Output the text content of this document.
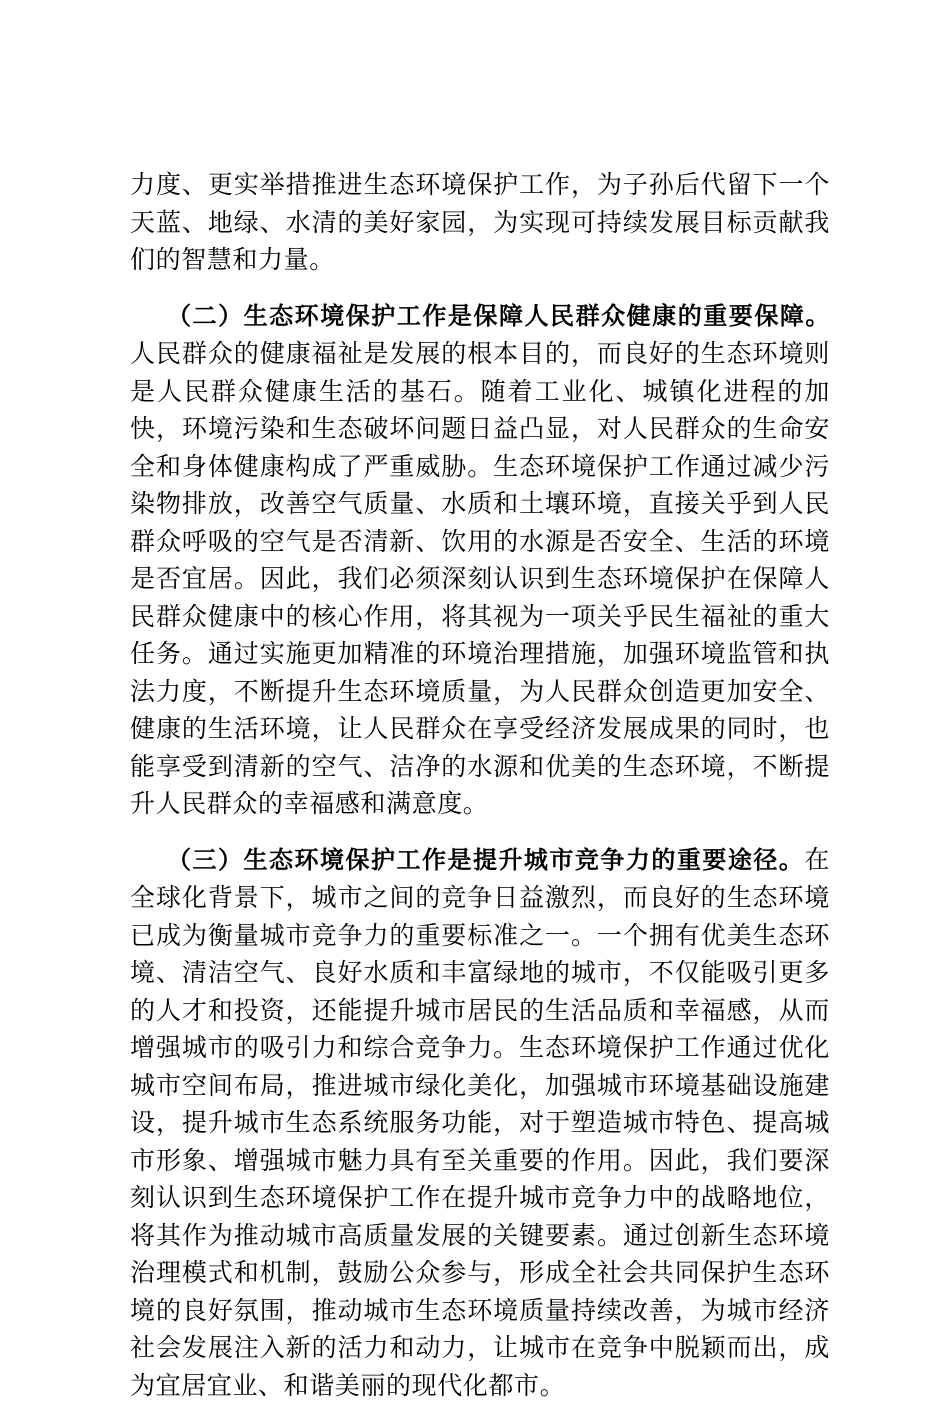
力度、更实举措推进生态环境保护工作，为子孙后代留下一个天蓝、地绿、水清的美好家园，为实现可持续发展目标贡献我们的智慧和力量。

（二）生态环境保护工作是保障人民群众健康的重要保障。人民群众的健康福祉是发展的根本目的，而良好的生态环境则是人民群众健康生活的基石。随着工业化、城镇化进程的加快，环境污染和生态破坏问题日益凸显，对人民群众的生命安全和身体健康构成了严重威胁。生态环境保护工作通过减少污染物排放，改善空气质量、水质和土壤环境，直接关乎到人民群众呼吸的空气是否清新、饮用的水源是否安全、生活的环境是否宜居。因此，我们必须深刻认识到生态环境保护在保障人民群众健康中的核心作用，将其视为一项关乎民生福祉的重大任务。通过实施更加精准的环境治理措施，加强环境监管和执法力度，不断提升生态环境质量，为人民群众创造更加安全、健康的生活环境，让人民群众在享受经济发展成果的同时，也能享受到清新的空气、洁净的水源和优美的生态环境，不断提升人民群众的幸福感和满意度。

（三）生态环境保护工作是提升城市竞争力的重要途径。在全球化背景下，城市之间的竞争日益激烈，而良好的生态环境已成为衡量城市竞争力的重要标准之一。一个拥有优美生态环境、清洁空气、良好水质和丰富绿地的城市，不仅能吸引更多的人才和投资，还能提升城市居民的生活品质和幸福感，从而增强城市的吸引力和综合竞争力。生态环境保护工作通过优化城市空间布局，推进城市绿化美化，加强城市环境基础设施建设，提升城市生态系统服务功能，对于塑造城市特色、提高城市形象、增强城市魅力具有至关重要的作用。因此，我们要深刻认识到生态环境保护工作在提升城市竞争力中的战略地位，将其作为推动城市高质量发展的关键要素。通过创新生态环境治理模式和机制，鼓励公众参与，形成全社会共同保护生态环境的良好氛围，推动城市生态环境质量持续改善，为城市经济社会发展注入新的活力和动力，让城市在竞争中脱颖而出，成为宜居宜业、和谐美丽的现代化都市。
